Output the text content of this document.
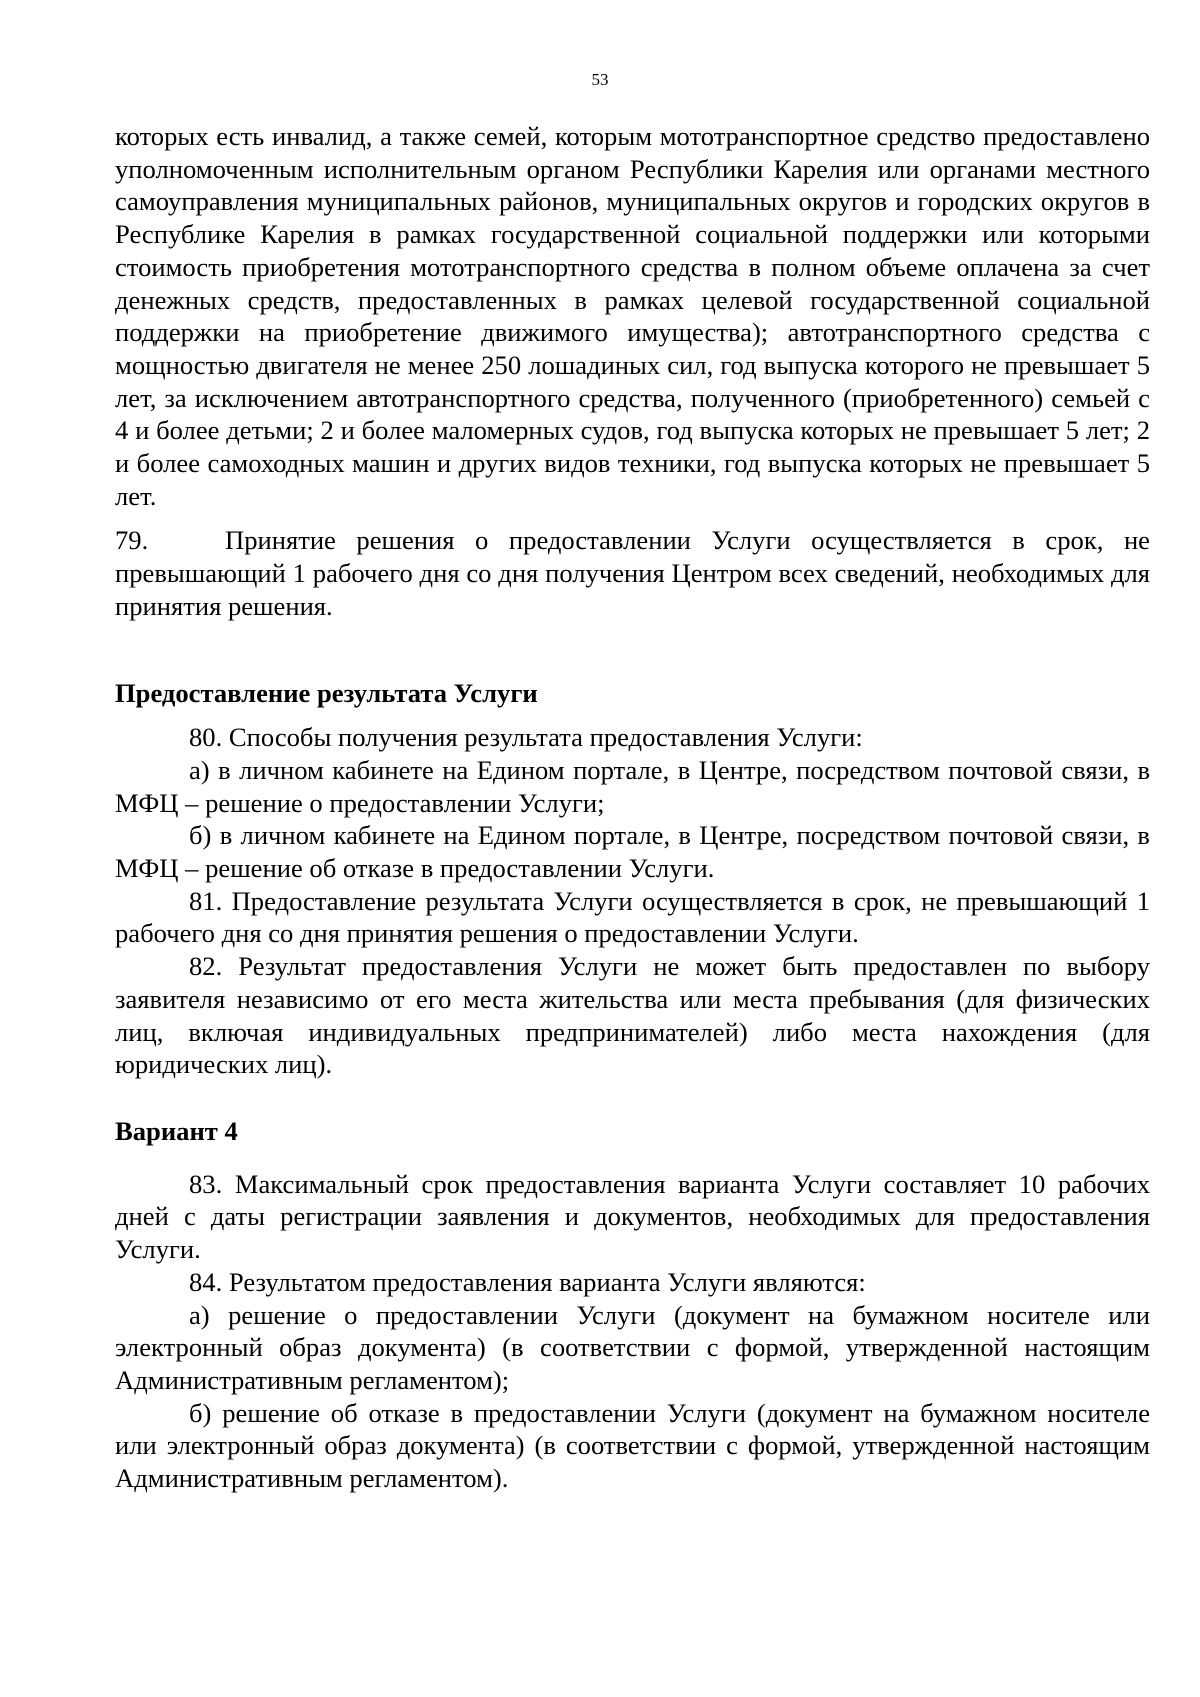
53

которых есть инвалид, а также семей, которым мототранспортное средство предоставлено уполномоченным исполнительным органом Республики Карелия или органами местного самоуправления муниципальных районов, муниципальных округов и городских округов в Республике Карелия в рамках государственной социальной поддержки или которыми стоимость приобретения мототранспортного средства в полном объеме оплачена за счет денежных средств, предоставленных в рамках целевой государственной социальной поддержки на приобретение движимого имущества); автотранспортного средства с мощностью двигателя не менее 250 лошадиных сил, год выпуска которого не превышает 5 лет, за исключением автотранспортного средства, полученного (приобретенного) семьей с 4 и более детьми; 2 и более маломерных судов, год выпуска которых не превышает 5 лет; 2 и более самоходных машин и других видов техники, год выпуска которых не превышает 5 лет.

79.	Принятие решения о предоставлении Услуги осуществляется в срок, не превышающий 1 рабочего дня со дня получения Центром всех сведений, необходимых для принятия решения.

Предоставление результата Услуги

80. Способы получения результата предоставления Услуги:

а) в личном кабинете на Едином портале, в Центре, посредством почтовой связи, в МФЦ – решение о предоставлении Услуги;

б) в личном кабинете на Едином портале, в Центре, посредством почтовой связи, в МФЦ – решение об отказе в предоставлении Услуги.

81. Предоставление результата Услуги осуществляется в срок, не превышающий 1 рабочего дня со дня принятия решения о предоставлении Услуги.

82. Результат предоставления Услуги не может быть предоставлен по выбору заявителя независимо от его места жительства или места пребывания (для физических лиц, включая индивидуальных предпринимателей) либо места нахождения (для юридических лиц).

Вариант 4

83. Максимальный срок предоставления варианта Услуги составляет 10 рабочих дней с даты регистрации заявления и документов, необходимых для предоставления Услуги.

84. Результатом предоставления варианта Услуги являются:

а) решение о предоставлении Услуги (документ на бумажном носителе или электронный образ документа) (в соответствии с формой, утвержденной настоящим Административным регламентом);

б) решение об отказе в предоставлении Услуги (документ на бумажном носителе или электронный образ документа) (в соответствии с формой, утвержденной настоящим Административным регламентом).
